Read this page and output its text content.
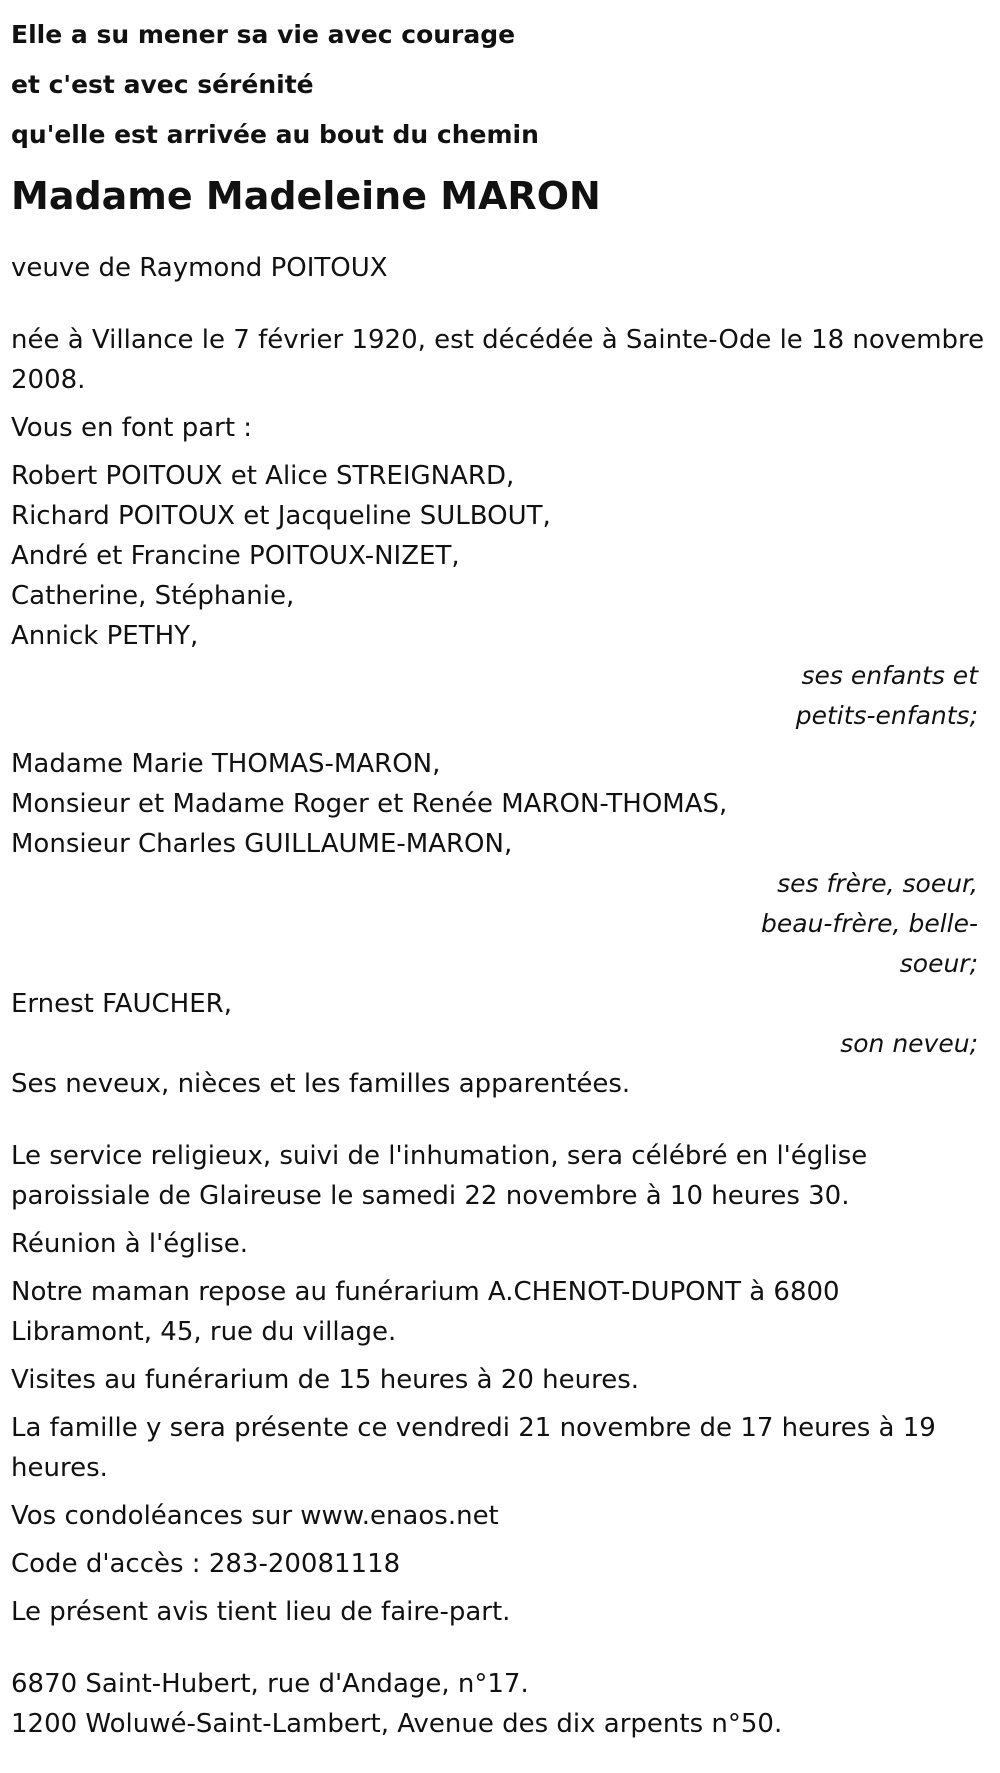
Elle a su mener sa vie avec courage
et c'est avec sérénité
qu'elle est arrivée au bout du chemin
Madame Madeleine MARON
veuve de Raymond POITOUX
née à Villance le 7 février 1920, est décédée à Sainte-Ode le 18 novembre 2008.
Vous en font part :
Robert POITOUX et Alice STREIGNARD,
Richard POITOUX et Jacqueline SULBOUT,
André et Francine POITOUX-NIZET,
Catherine, Stéphanie,
Annick PETHY,
ses enfants et
petits-enfants;
Madame Marie THOMAS-MARON,
Monsieur et Madame Roger et Renée MARON-THOMAS,
Monsieur Charles GUILLAUME-MARON,
ses frère, soeur,
beau-frère, belle-
soeur;
Ernest FAUCHER,
son neveu;
Ses neveux, nièces et les familles apparentées.
Le service religieux, suivi de l'inhumation, sera célébré en l'église paroissiale de Glaireuse le samedi 22 novembre à 10 heures 30.
Réunion à l'église.
Notre maman repose au funérarium A.CHENOT-DUPONT à 6800 Libramont, 45, rue du village.
Visites au funérarium de 15 heures à 20 heures.
La famille y sera présente ce vendredi 21 novembre de 17 heures à 19 heures.
Vos condoléances sur www.enaos.net
Code d'accès : 283-20081118
Le présent avis tient lieu de faire-part.
6870 Saint-Hubert, rue d'Andage, n°17.
1200 Woluwé-Saint-Lambert, Avenue des dix arpents n°50.
